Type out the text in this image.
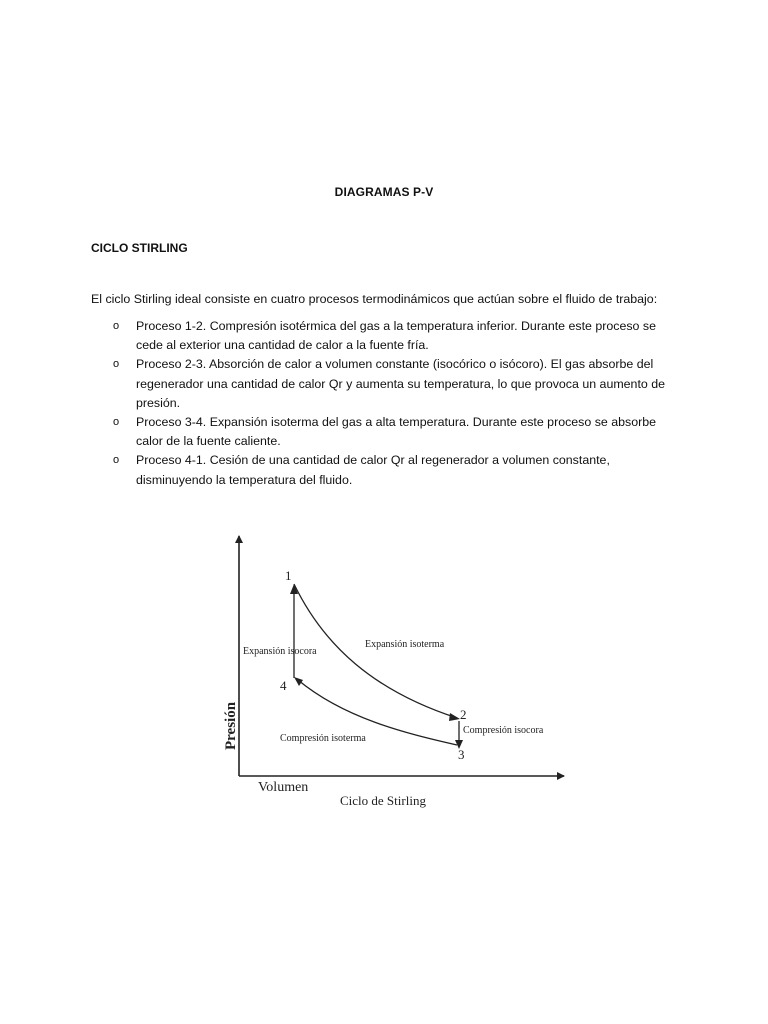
DIAGRAMAS P-V
CICLO STIRLING
El ciclo Stirling ideal consiste en cuatro procesos termodinámicos que actúan sobre el fluido de trabajo:
o Proceso 1-2. Compresión isotérmica del gas a la temperatura inferior. Durante este proceso se cede al exterior una cantidad de calor a la fuente fría.
o Proceso 2-3. Absorción de calor a volumen constante (isocórico o isócoro). El gas absorbe del regenerador una cantidad de calor Qr y aumenta su temperatura, lo que provoca un aumento de presión.
o Proceso 3-4. Expansión isoterma del gas a alta temperatura. Durante este proceso se absorbe calor de la fuente caliente.
o Proceso 4-1. Cesión de una cantidad de calor Qr al regenerador a volumen constante, disminuyendo la temperatura del fluido.
1
2
3
4
Expansión isocora
Expansión isoterma
Compresión isocora
Compresión isoterma
Presión
Volumen
Ciclo de Stirling
